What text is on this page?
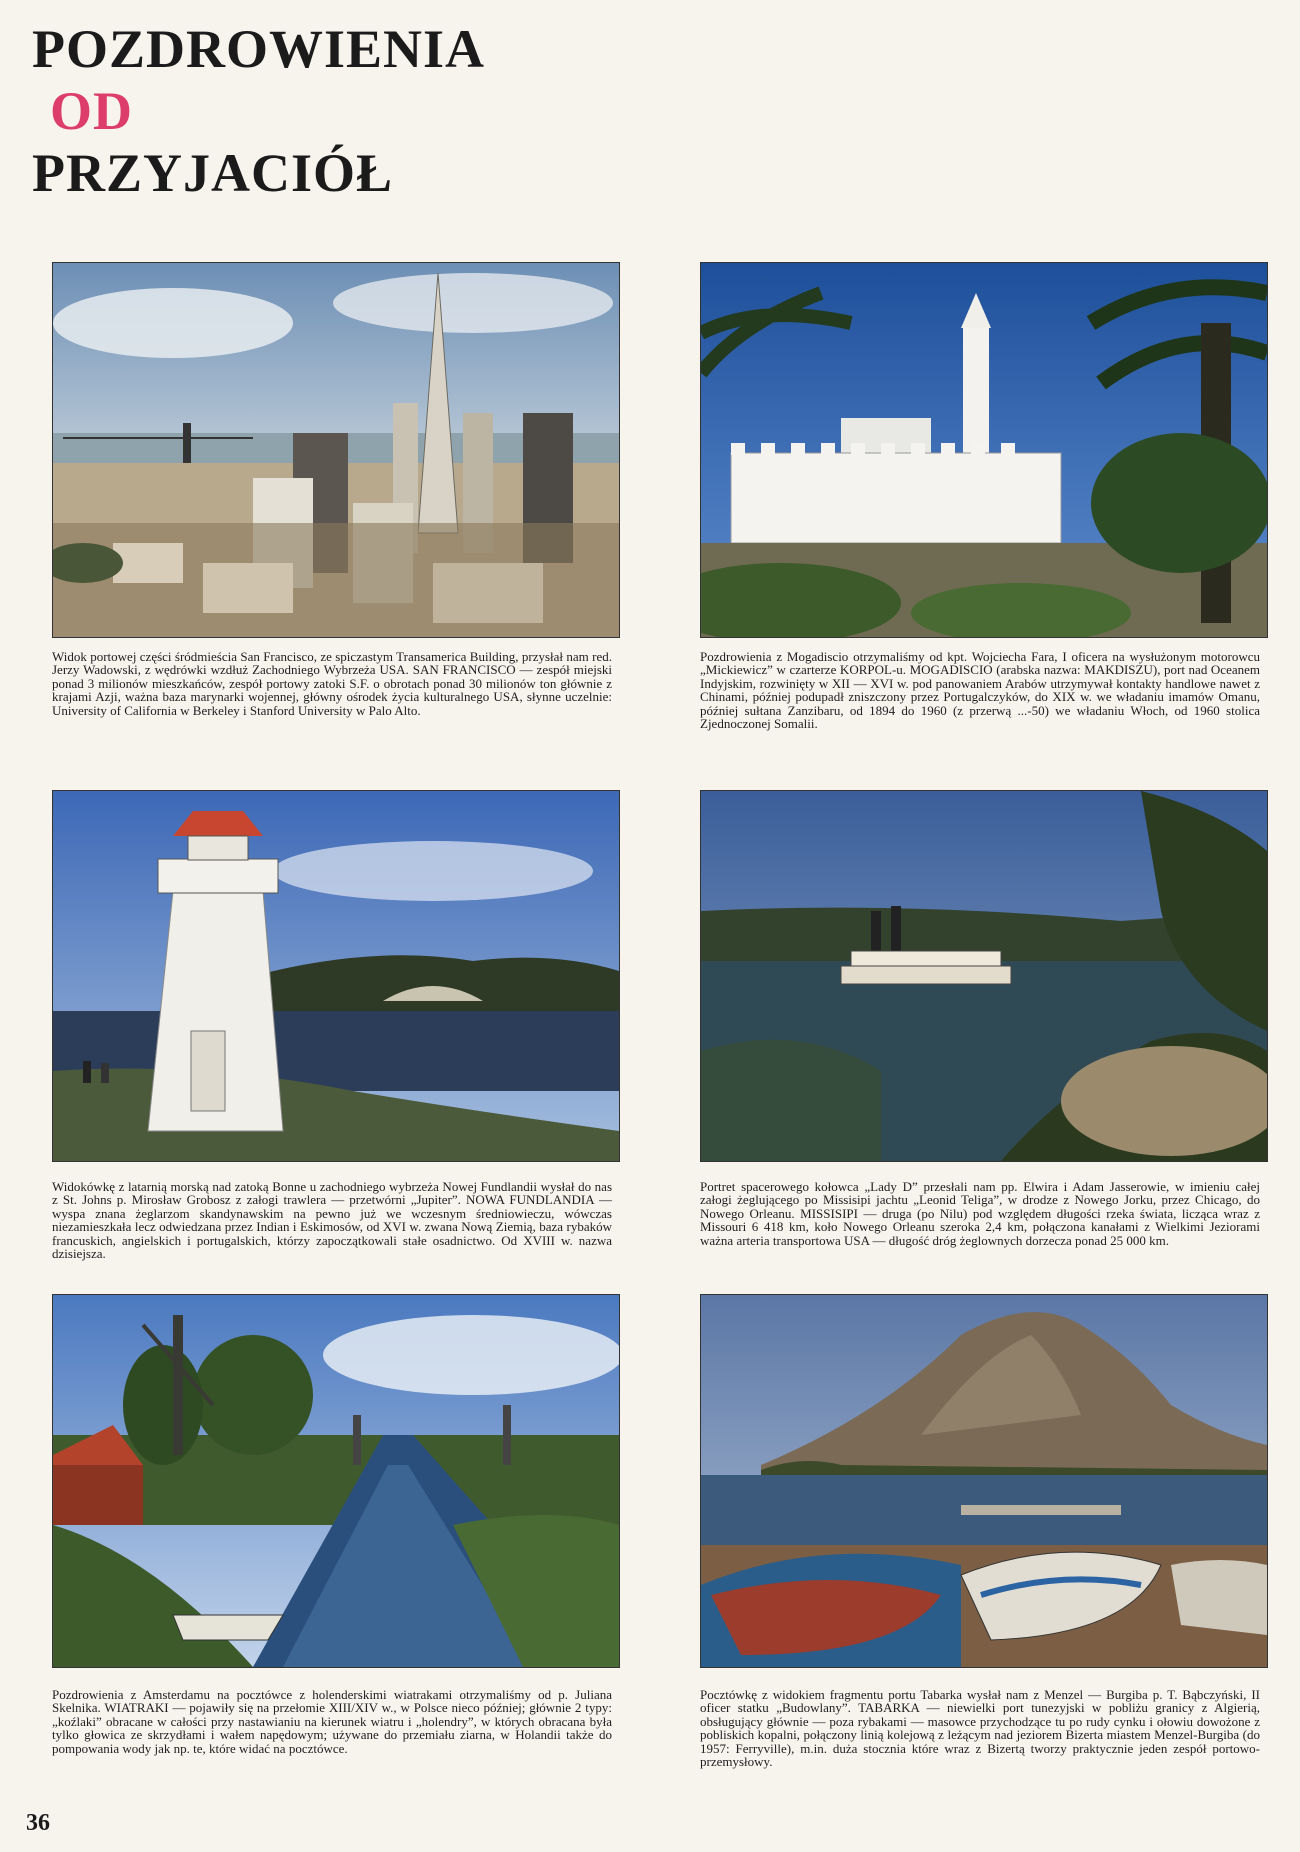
POZDROWIENIA
OD
PRZYJACIÓŁ

Widok portowej części śródmieścia San Francisco, ze spiczastym Transamerica Building, przysłał nam red. Jerzy Wadowski, z wędrówki wzdłuż Zachodniego Wybrzeża USA. SAN FRANCISCO — zespół miejski ponad 3 milionów mieszkańców, zespół portowy zatoki S.F. o obrotach ponad 30 milionów ton głównie z krajami Azji, ważna baza marynarki wojennej, główny ośrodek życia kulturalnego USA, słynne uczelnie: University of California w Berkeley i Stanford University w Palo Alto.

Pozdrowienia z Mogadiscio otrzymaliśmy od kpt. Wojciecha Fara, I oficera na wysłużonym motorowcu „Mickiewicz” w czarterze KORPOL-u. MOGADISCIO (arabska nazwa: MAKDISZU), port nad Oceanem Indyjskim, rozwinięty w XII — XVI w. pod panowaniem Arabów utrzymywał kontakty handlowe nawet z Chinami, później podupadł zniszczony przez Portugalczyków, do XIX w. we władaniu imamów Omanu, później sułtana Zanzibaru, od 1894 do 1960 (z przerwą ...-50) we władaniu Włoch, od 1960 stolica Zjednoczonej Somalii.

Widokówkę z latarnią morską nad zatoką Bonne u zachodniego wybrzeża Nowej Fundlandii wysłał do nas z St. Johns p. Mirosław Grobosz z załogi trawlera — przetwórni „Jupiter”. NOWA FUNDLANDIA — wyspa znana żeglarzom skandynawskim na pewno już we wczesnym średniowieczu, wówczas niezamieszkała lecz odwiedzana przez Indian i Eskimosów, od XVI w. zwana Nową Ziemią, baza rybaków francuskich, angielskich i portugalskich, którzy zapoczątkowali stałe osadnictwo. Od XVIII w. nazwa dzisiejsza.

Portret spacerowego kołowca „Lady D” przesłali nam pp. Elwira i Adam Jasserowie, w imieniu całej załogi żeglującego po Missisipi jachtu „Leonid Teliga”, w drodze z Nowego Jorku, przez Chicago, do Nowego Orleanu. MISSISIPI — druga (po Nilu) pod względem długości rzeka świata, licząca wraz z Missouri 6 418 km, koło Nowego Orleanu szeroka 2,4 km, połączona kanałami z Wielkimi Jeziorami ważna arteria transportowa USA — długość dróg żeglownych dorzecza ponad 25 000 km.

Pozdrowienia z Amsterdamu na pocztówce z holenderskimi wiatrakami otrzymaliśmy od p. Juliana Skelnika. WIATRAKI — pojawiły się na przełomie XIII/XIV w., w Polsce nieco później; głównie 2 typy: „koźlaki” obracane w całości przy nastawianiu na kierunek wiatru i „holendry”, w których obracana była tylko głowica ze skrzydłami i wałem napędowym; używane do przemiału ziarna, w Holandii także do pompowania wody jak np. te, które widać na pocztówce.

Pocztówkę z widokiem fragmentu portu Tabarka wysłał nam z Menzel — Burgiba p. T. Bąbczyński, II oficer statku „Budowlany”. TABARKA — niewielki port tunezyjski w pobliżu granicy z Algierią, obsługujący głównie — poza rybakami — masowce przychodzące tu po rudy cynku i ołowiu dowożone z pobliskich kopalni, połączony linią kolejową z leżącym nad jeziorem Bizerta miastem Menzel-Burgiba (do 1957: Ferryville), m.in. duża stocznia które wraz z Bizertą tworzy praktycznie jeden zespół portowo-przemysłowy.

36
